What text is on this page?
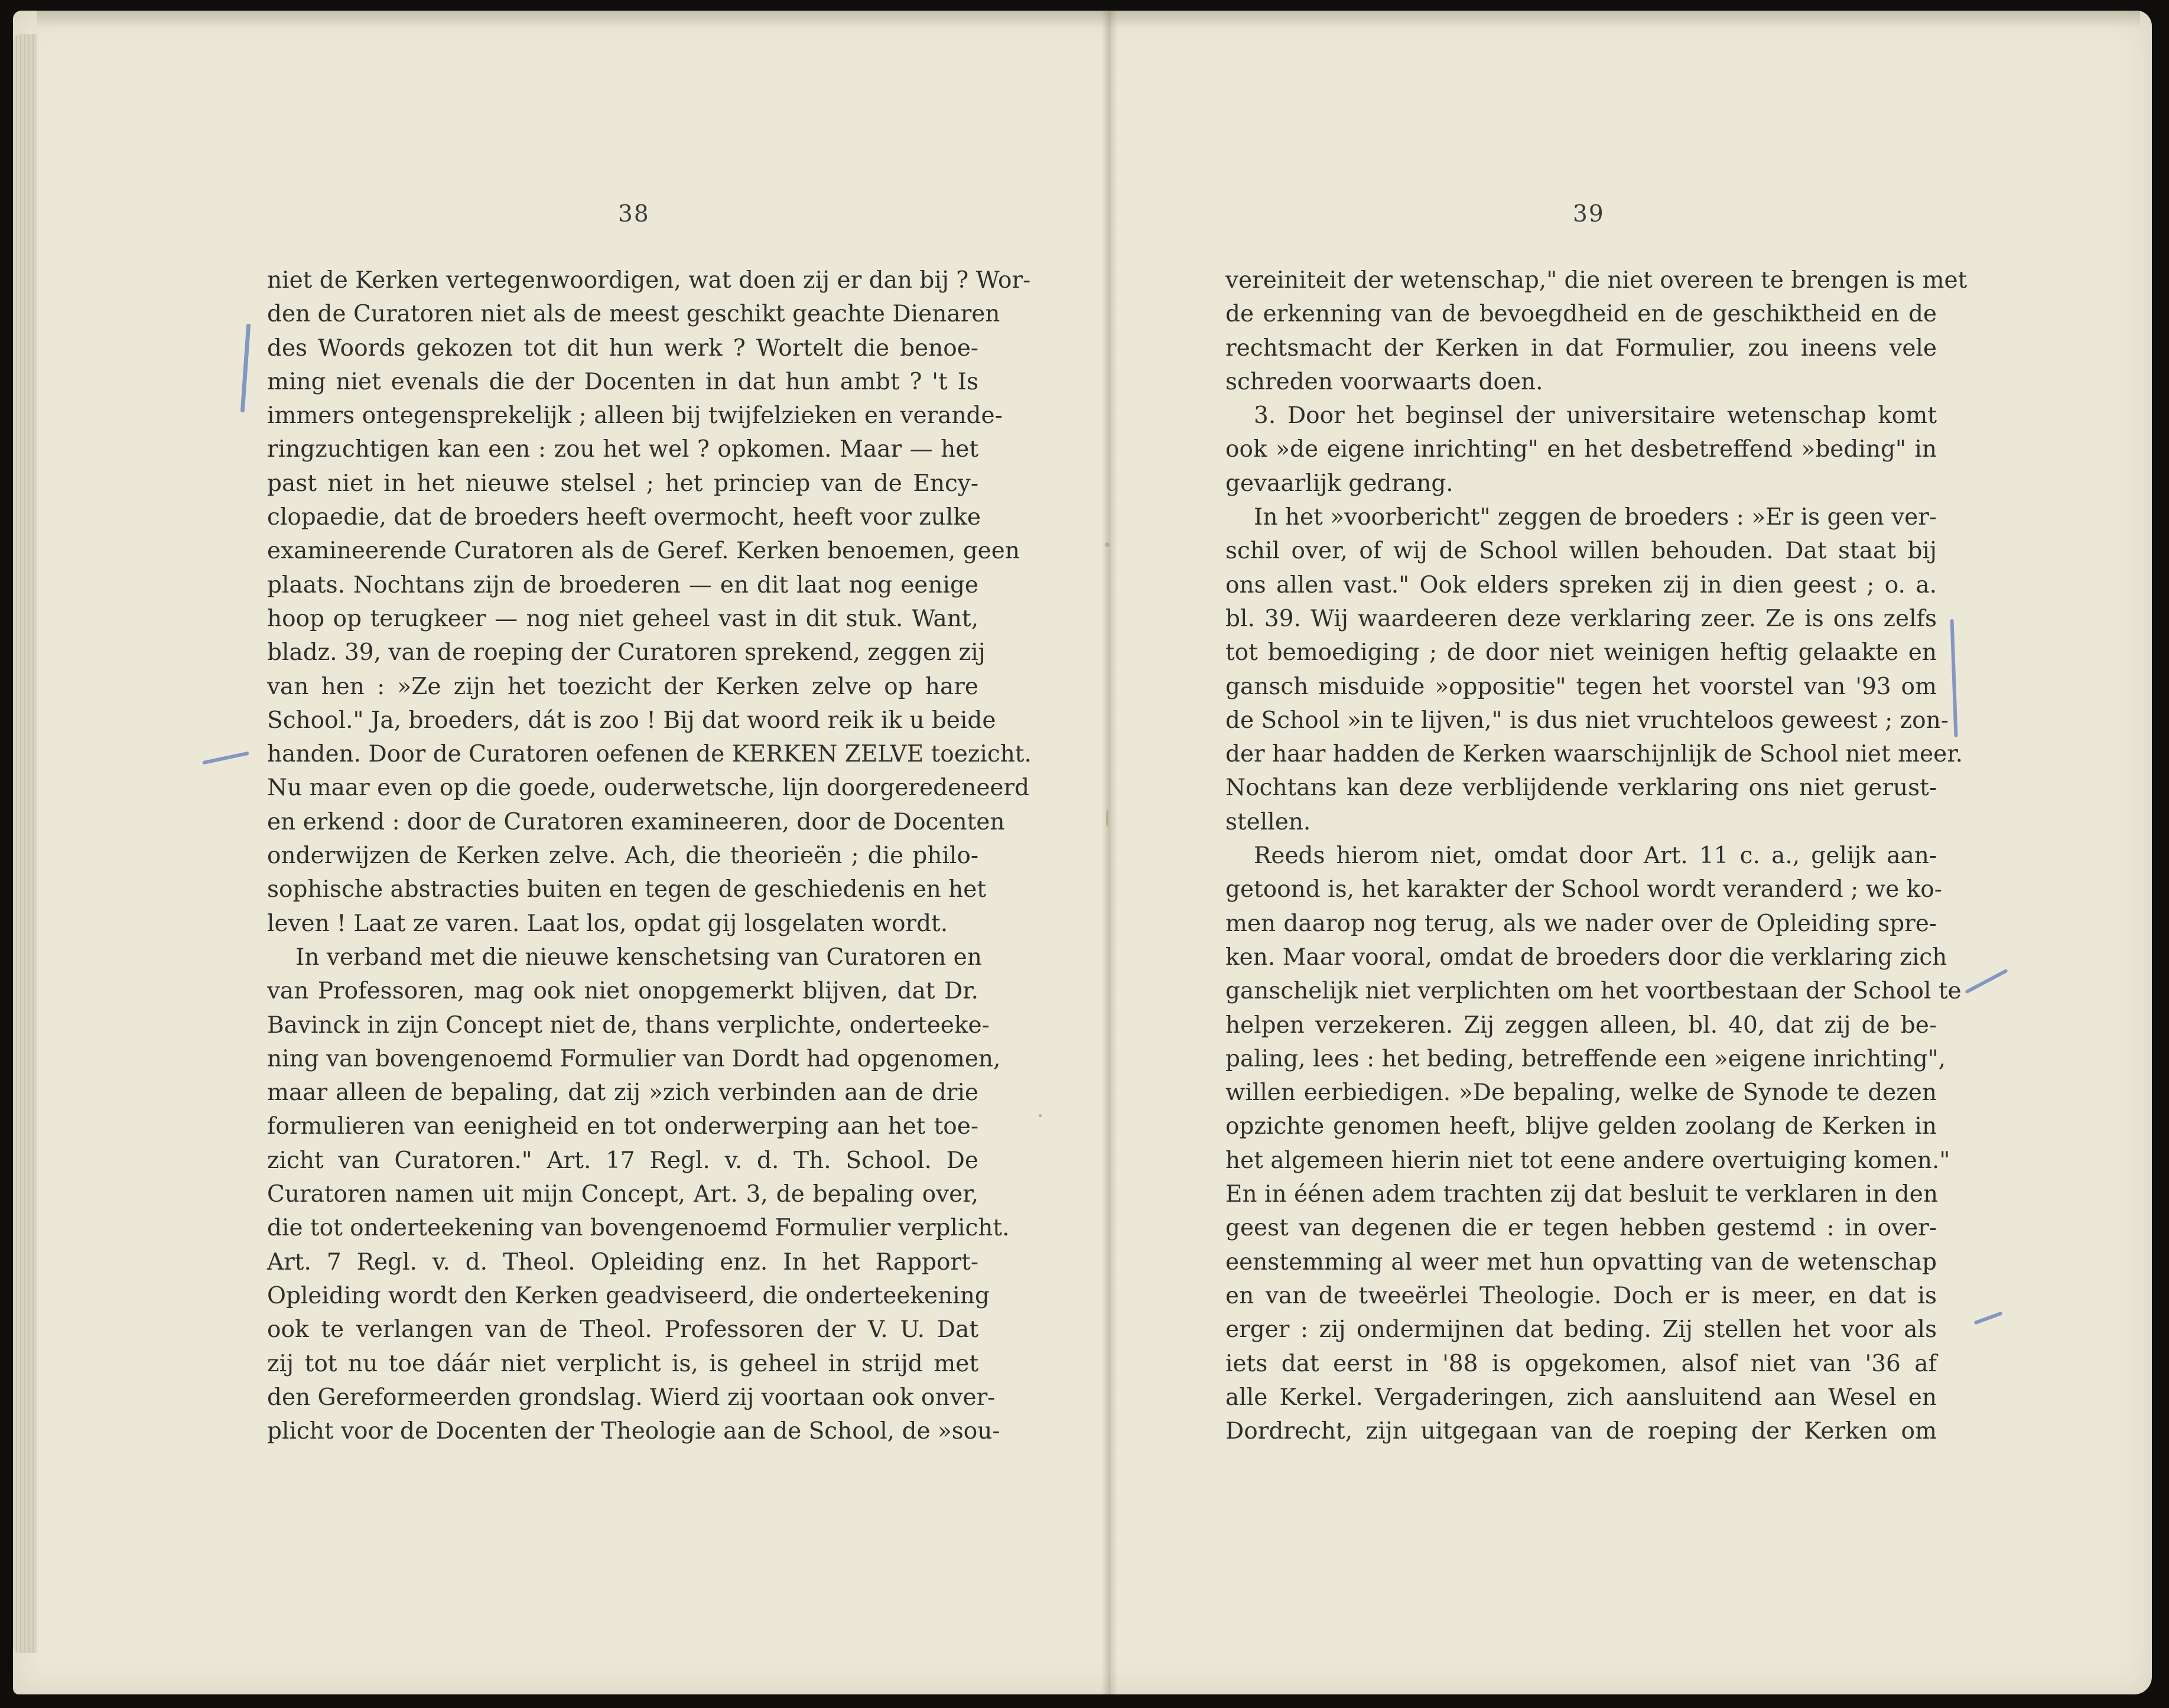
38	39
niet de Kerken vertegenwoordigen, wat doen zij er dan bij ? Wor-
den de Curatoren niet als de meest geschikt geachte Dienaren
des Woords gekozen tot dit hun werk ? Wortelt die benoe-
ming niet evenals die der Docenten in dat hun ambt ? 't Is
immers ontegensprekelijk ; alleen bij twijfelzieken en verande-
ringzuchtigen kan een : zou het wel ? opkomen. Maar — het
past niet in het nieuwe stelsel ; het princiep van de Ency-
clopaedie, dat de broeders heeft overmocht, heeft voor zulke
examineerende Curatoren als de Geref. Kerken benoemen, geen
plaats. Nochtans zijn de broederen — en dit laat nog eenige
hoop op terugkeer — nog niet geheel vast in dit stuk. Want,
bladz. 39, van de roeping der Curatoren sprekend, zeggen zij
van hen : »Ze zijn het toezicht der Kerken zelve op hare
School." Ja, broeders, dát is zoo ! Bij dat woord reik ik u beide
handen. Door de Curatoren oefenen de KERKEN ZELVE toezicht.
Nu maar even op die goede, ouderwetsche, lijn doorgeredeneerd
en erkend : door de Curatoren examineeren, door de Docenten
onderwijzen de Kerken zelve. Ach, die theorieën ; die philo-
sophische abstracties buiten en tegen de geschiedenis en het
leven ! Laat ze varen. Laat los, opdat gij losgelaten wordt.
In verband met die nieuwe kenschetsing van Curatoren en
van Professoren, mag ook niet onopgemerkt blijven, dat Dr.
Bavinck in zijn Concept niet de, thans verplichte, onderteeke-
ning van bovengenoemd Formulier van Dordt had opgenomen,
maar alleen de bepaling, dat zij »zich verbinden aan de drie
formulieren van eenigheid en tot onderwerping aan het toe-
zicht van Curatoren." Art. 17 Regl. v. d. Th. School. De
Curatoren namen uit mijn Concept, Art. 3, de bepaling over,
die tot onderteekening van bovengenoemd Formulier verplicht.
Art. 7 Regl. v. d. Theol. Opleiding enz. In het Rapport-
Opleiding wordt den Kerken geadviseerd, die onderteekening
ook te verlangen van de Theol. Professoren der V. U. Dat
zij tot nu toe dáár niet verplicht is, is geheel in strijd met
den Gereformeerden grondslag. Wierd zij voortaan ook onver-
plicht voor de Docenten der Theologie aan de School, de »sou-
vereiniteit der wetenschap," die niet overeen te brengen is met
de erkenning van de bevoegdheid en de geschiktheid en de
rechtsmacht der Kerken in dat Formulier, zou ineens vele
schreden voorwaarts doen.
3. Door het beginsel der universitaire wetenschap komt
ook »de eigene inrichting" en het desbetreffend »beding" in
gevaarlijk gedrang.
In het »voorbericht" zeggen de broeders : »Er is geen ver-
schil over, of wij de School willen behouden. Dat staat bij
ons allen vast." Ook elders spreken zij in dien geest ; o. a.
bl. 39. Wij waardeeren deze verklaring zeer. Ze is ons zelfs
tot bemoediging ; de door niet weinigen heftig gelaakte en
gansch misduide »oppositie" tegen het voorstel van '93 om
de School »in te lijven," is dus niet vruchteloos geweest ; zon-
der haar hadden de Kerken waarschijnlijk de School niet meer.
Nochtans kan deze verblijdende verklaring ons niet gerust-
stellen.
Reeds hierom niet, omdat door Art. 11 c. a., gelijk aan-
getoond is, het karakter der School wordt veranderd ; we ko-
men daarop nog terug, als we nader over de Opleiding spre-
ken. Maar vooral, omdat de broeders door die verklaring zich
ganschelijk niet verplichten om het voortbestaan der School te
helpen verzekeren. Zij zeggen alleen, bl. 40, dat zij de be-
paling, lees : het beding, betreffende een »eigene inrichting",
willen eerbiedigen. »De bepaling, welke de Synode te dezen
opzichte genomen heeft, blijve gelden zoolang de Kerken in
het algemeen hierin niet tot eene andere overtuiging komen."
En in éénen adem trachten zij dat besluit te verklaren in den
geest van degenen die er tegen hebben gestemd : in over-
eenstemming al weer met hun opvatting van de wetenschap
en van de tweeërlei Theologie. Doch er is meer, en dat is
erger : zij ondermijnen dat beding. Zij stellen het voor als
iets dat eerst in '88 is opgekomen, alsof niet van '36 af
alle Kerkel. Vergaderingen, zich aansluitend aan Wesel en
Dordrecht, zijn uitgegaan van de roeping der Kerken om
